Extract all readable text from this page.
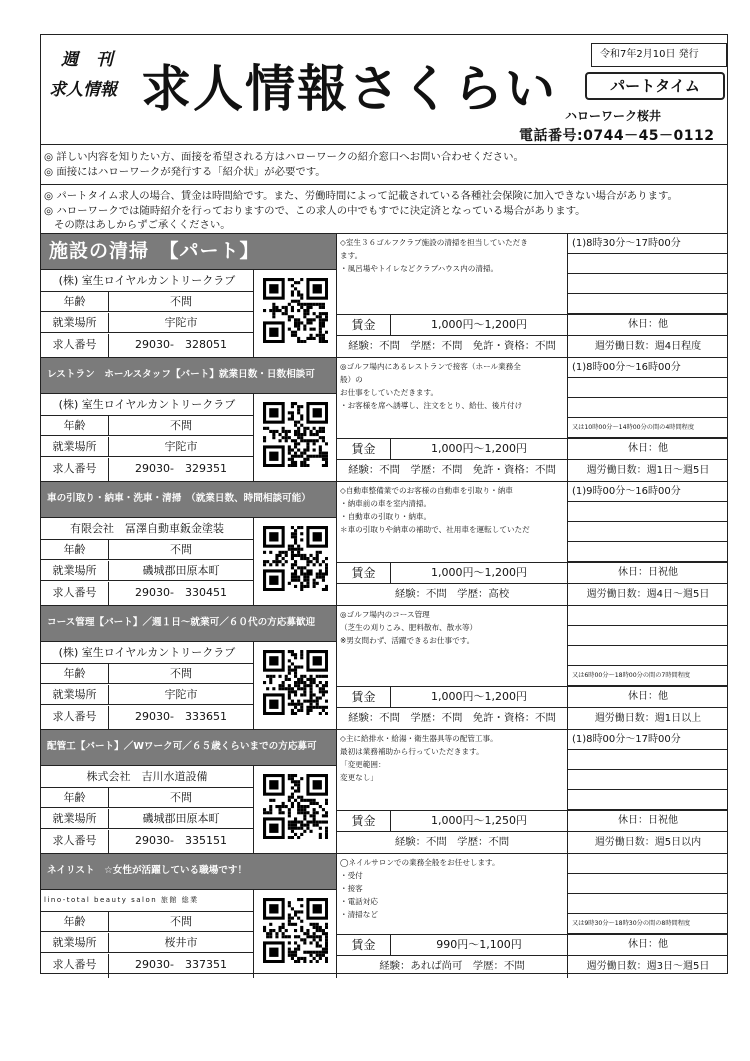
週 刊
求人情報 求人情報さくらい
令和7年2月10日 発行
パートタイム
ハローワーク桜井
電話番号:0744－45－0112
◎ 詳しい内容を知りたい方、面接を希望される方はハローワークの紹介窓口へお問い合わせください。
◎ 面接にはハローワークが発行する「紹介状」が必要です。
◎ パートタイム求人の場合、賃金は時間給です。また、労働時間によって記載されている各種社会保険に加入できない場合があります。
◎ ハローワークでは随時紹介を行っておりますので、この求人の中でもすでに決定済となっている場合があります。
その際はあしからずご承くください。
施設の清掃　【パート】
(株) 室生ロイヤルカントリークラブ
年齢	不問
就業場所	宇陀市
求人番号	29030-　328051
◇室生３６ゴルフクラブ施設の清掃を担当していただき
ます。
・風呂場やトイレなどクラブハウス内の清掃。
賃金	1,000円～1,200円
経験：不問　学歴：不問　免許・資格：不問
(1)8時30分～17時00分
休日：他
週労働日数：週4日程度
レストラン　ホールスタッフ【パート】就業日数・日数相談可
(株) 室生ロイヤルカントリークラブ
年齢	不問
就業場所	宇陀市
求人番号	29030-　329351
◎ゴルフ場内にあるレストランで接客（ホール業務全
般）の
お仕事をしていただきます。
・お客様を席へ誘導し、注文をとり、給仕、後片付け
賃金	1,000円～1,200円
経験：不問　学歴：不問　免許・資格：不問
(1)8時00分～16時00分
又は10時00分～14時00分の間の4時間程度
休日：他
週労働日数：週1日～週5日
車の引取り・納車・洗車・清掃　（就業日数、時間相談可能）
有限会社　冨澤自動車鈑金塗装
年齢	不問
就業場所	磯城郡田原本町
求人番号	29030-　330451
◇自動車整備業でのお客様の自動車を引取り・納車
・納車前の車を室内清掃。
・自動車の引取り・納車。
＊車の引取りや納車の補助で、社用車を運転していただ
賃金	1,000円～1,200円
経験：不問　学歴：高校
(1)9時00分～16時00分
休日：日祝他
週労働日数：週4日～週5日
コース管理【パート】／週１日～就業可／６０代の方応募歓迎
(株) 室生ロイヤルカントリークラブ
年齢	不問
就業場所	宇陀市
求人番号	29030-　333651
◎ゴルフ場内のコース管理
（芝生の刈りこみ、肥料散布、散水等）
※男女問わず、活躍できるお仕事です。
賃金	1,000円～1,200円
経験：不問　学歴：不問　免許・資格：不問
又は6時00分～18時00分の間の7時間程度
休日：他
週労働日数：週1日以上
配管工【パート】／Wワーク可／６５歳くらいまでの方応募可
株式会社　吉川水道設備
年齢	不問
就業場所	磯城郡田原本町
求人番号	29030-　335151
◇主に給排水・給湯・衛生器具等の配管工事。
最初は業務補助から行っていただきます。
「変更範囲：
変更なし」
賃金	1,000円～1,250円
経験：不問　学歴：不問
(1)8時00分～17時00分
休日：日祝他
週労働日数：週5日以内
ネイリスト　☆女性が活躍している職場です！
lino-total beauty salon 旅館 総業
年齢	不問
就業場所	桜井市
求人番号	29030-　337351
◯ネイルサロンでの業務全般をお任せします。
・受付
・接客
・電話対応
・清掃など
賃金	990円～1,100円
経験：あれば尚可　学歴：不問
又は9時30分～18時30分の間の8時間程度
休日：他
週労働日数：週3日～週5日
